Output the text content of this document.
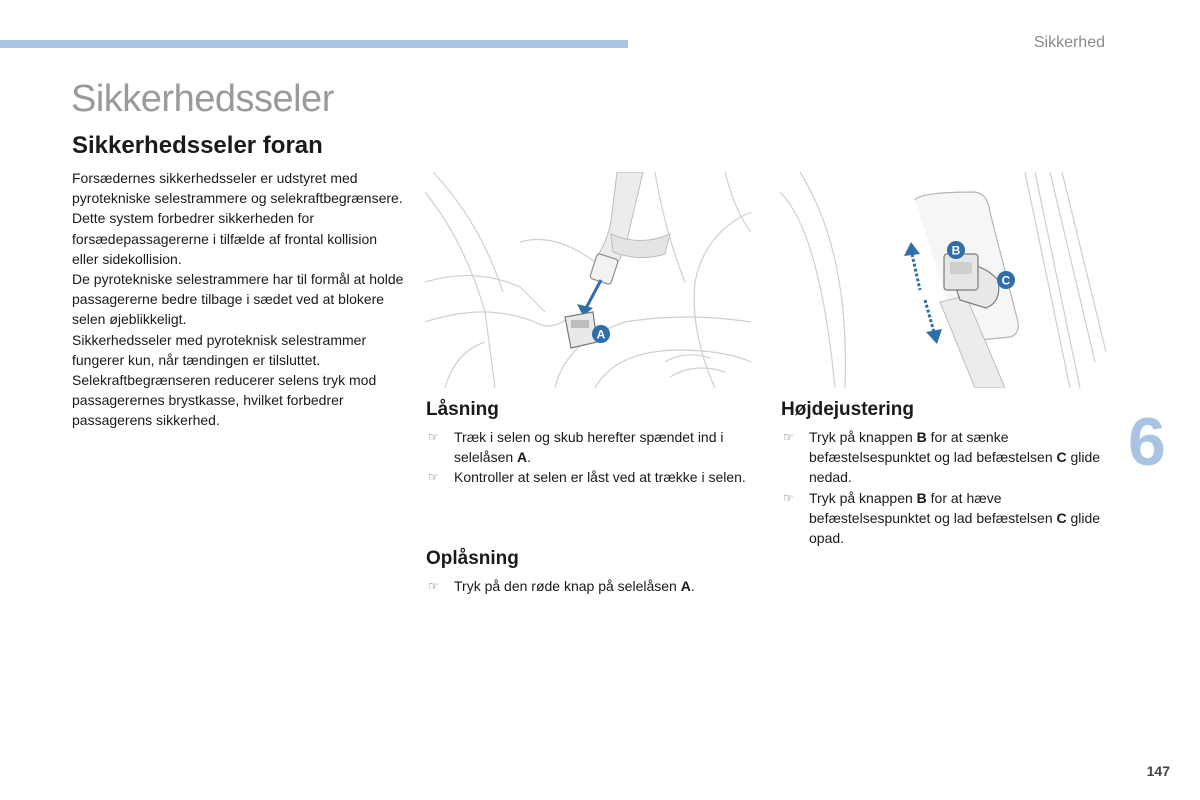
Sikkerhed
Sikkerhedsseler
Sikkerhedsseler foran

Forsædernes sikkerhedsseler er udstyret med pyrotekniske selestrammere og selekraftbegrænsere.

Dette system forbedrer sikkerheden for forsædepassagererne i tilfælde af frontal kollision eller sidekollision.

De pyrotekniske selestrammere har til formål at holde passagererne bedre tilbage i sædet ved at blokere selen øjeblikkeligt.

Sikkerhedsseler med pyroteknisk selestrammer fungerer kun, når tændingen er tilsluttet.

Selekraftbegrænseren reducerer selens tryk mod passagerernes brystkasse, hvilket forbedrer passagerens sikkerhed.

A
B
C
Låsning
☞ Træk i selen og skub herefter spændet ind i selelåsen A.
☞ Kontroller at selen er låst ved at trække i selen.
Oplåsning
☞ Tryk på den røde knap på selelåsen A.
Højdejustering
☞ Tryk på knappen B for at sænke befæstelsespunktet og lad befæstelsen C glide nedad.
☞ Tryk på knappen B for at hæve befæstelsespunktet og lad befæstelsen C glide opad.
6
147
